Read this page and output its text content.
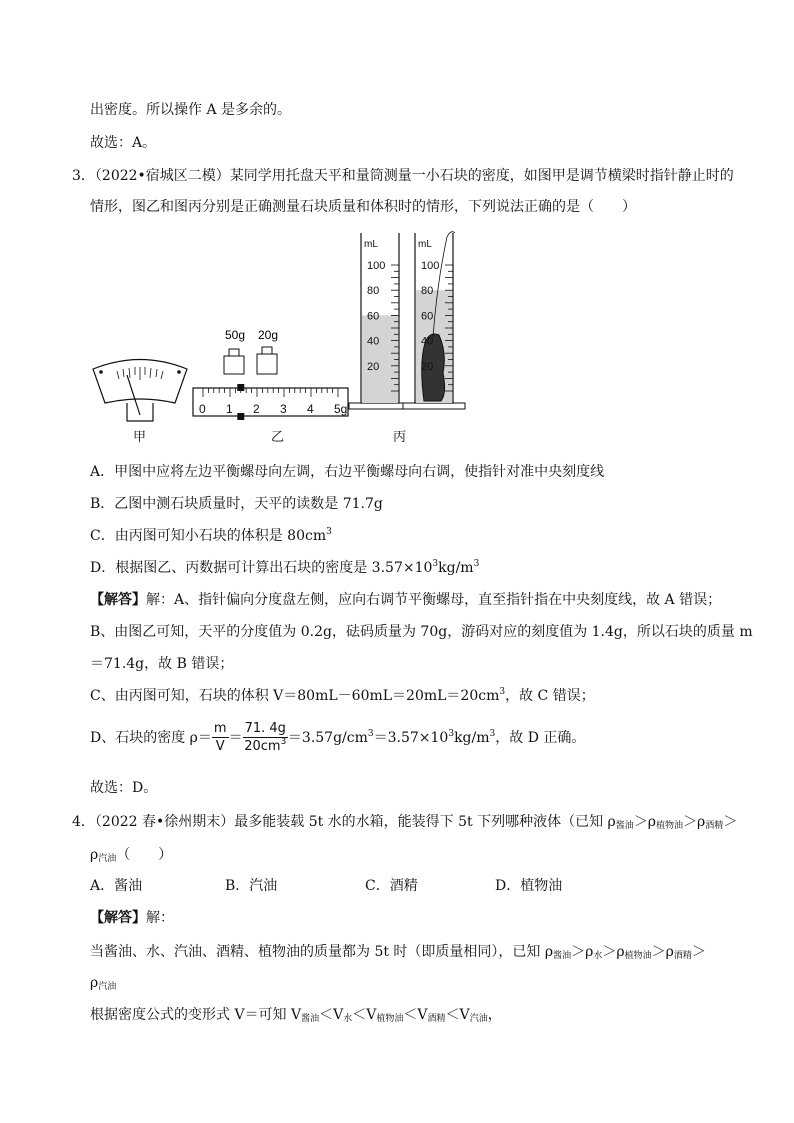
出密度。所以操作 A 是多余的。
故选：A。
3．（2022•宿城区二模）某同学用托盘天平和量筒测量一小石块的密度，如图甲是调节横梁时指针静止时的
情形，图乙和图丙分别是正确测量石块质量和体积时的情形，下列说法正确的是（　　）
甲
50g 20g
0 1 2 3 4 5g
乙
mL
100
80
60
40
20
mL
100
80
60
40
20
丙
A．甲图中应将左边平衡螺母向左调，右边平衡螺母向右调，使指针对准中央刻度线
B．乙图中测石块质量时，天平的读数是 71.7g
C．由丙图可知小石块的体积是 $80cm^3$
D．根据图乙、丙数据可计算出石块的密度是 $3.57\times 10^3kg/m^3$
【解答】解：A、指针偏向分度盘左侧，应向右调节平衡螺母，直至指针指在中央刻度线，故 A 错误；
B、由图乙可知，天平的分度值为 0.2g，砝码质量为 70g，游码对应的刻度值为 1.4g，所以石块的质量 m
＝71.4g，故 B 错误；
C、由丙图可知，石块的体积 $V=80mL-60mL=20mL=20cm^3$，故 C 错误；
D、石块的密度 $\rho= \frac{m}{V} = \frac{71. 4g}{20cm^3} =3.57g/cm^3=3.57\times 10^3kg/m^3$，故 D 正确。
故选：D。
4．（2022 春•徐州期末）最多能装载 5t 水的水箱，能装得下 5t 下列哪种液体（已知 $\rho_{酱油}>\rho_{植物油}>\rho_{酒精}>$
$\rho_{汽油}$（　　）
A．酱油	B．汽油	C．酒精	D．植物油
【解答】解：
当酱油、水、汽油、酒精、植物油的质量都为 5t 时（即质量相同），已知 $\rho_{酱油}>\rho_水>\rho_{植物油}>\rho_{酒精}>$
$\rho_{汽油}$
根据密度公式的变形式 V＝可知 $V_{酱油}<V_水<V_{植物油}<V_{酒精}<V_{汽油}$，
